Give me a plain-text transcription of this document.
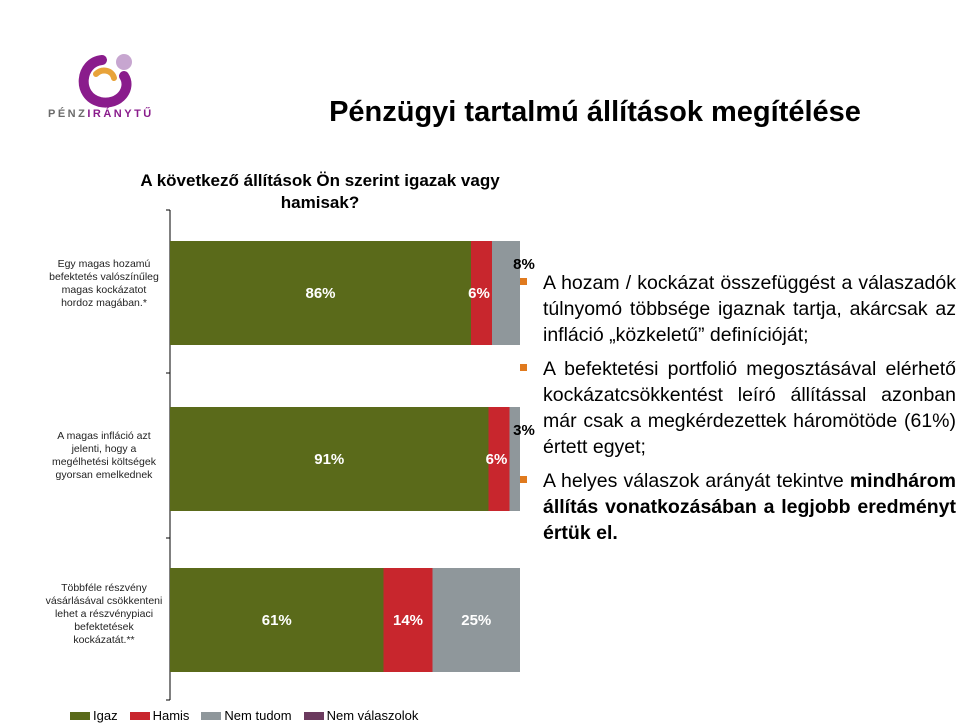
PÉNZIRÁNYTŰ	Pénzügyi tartalmú állítások megítélése
A következő állítások Ön szerint igazak vagy hamisak?
Egy magas hozamú befektetés valószínűleg magas kockázatot hordoz magában.*
A magas infláció azt jelenti, hogy a megélhetési költségek gyorsan emelkednek
Többféle részvény vásárlásával csökkenteni lehet a részvénypiaci befektetések kockázatát.**
86%	6%
8%
91%	6%
3%
61%	14%	25%
Igaz	Hamis	Nem tudom	Nem válaszolok
A hozam / kockázat összefüggést a válaszadók túlnyomó többsége igaznak tartja, akárcsak az infláció „közkeletű” definícióját;
A befektetési portfolió megosztásával elérhető kockázatcsökkentést leíró állítással azonban már csak a megkérdezettek háromötöde (61%) értett egyet;
A helyes válaszok arányát tekintve mindhárom állítás vonatkozásában a legjobb eredményt értük el.
